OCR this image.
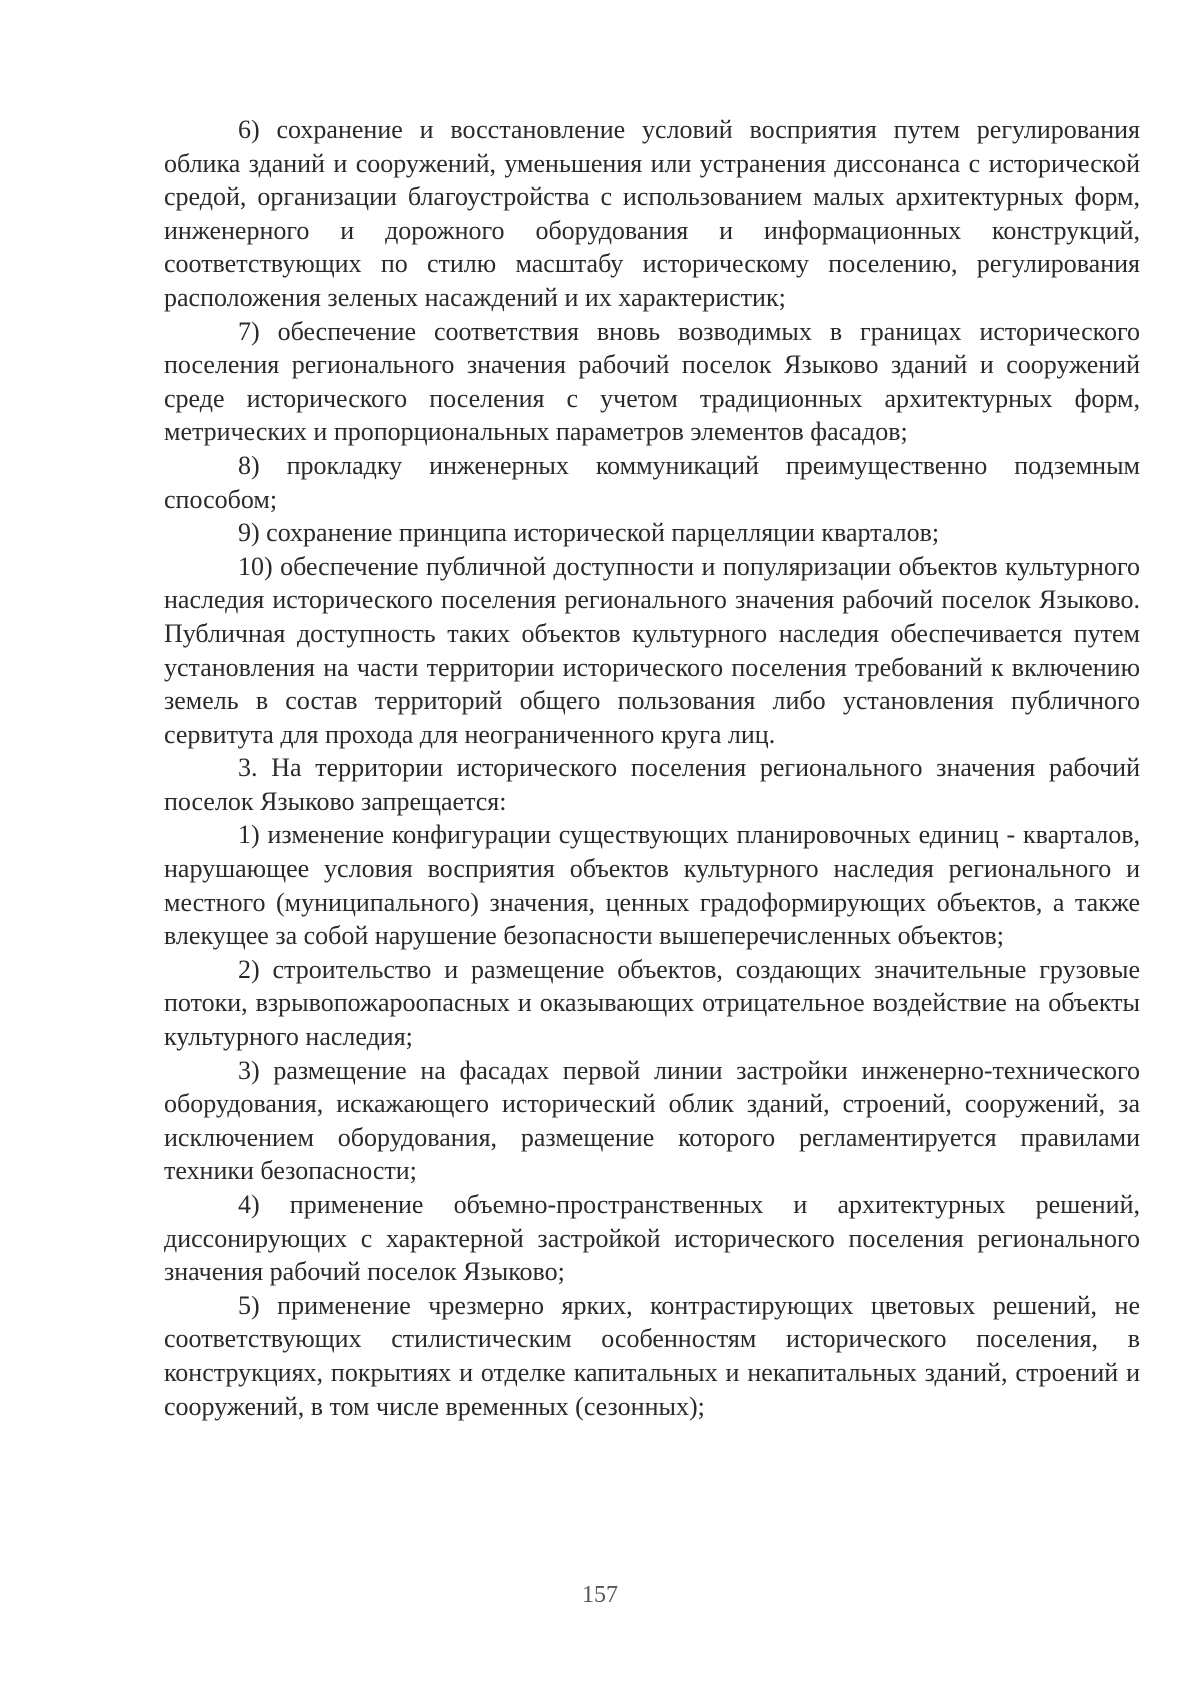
6) сохранение и восстановление условий восприятия путем регулирования облика зданий и сооружений, уменьшения или устранения диссонанса с исторической средой, организации благоустройства с использованием малых архитектурных форм, инженерного и дорожного оборудования и информационных конструкций, соответствующих по стилю масштабу историческому поселению, регулирования расположения зеленых насаждений и их характеристик;

7) обеспечение соответствия вновь возводимых в границах исторического поселения регионального значения рабочий поселок Языково зданий и сооружений среде исторического поселения с учетом традиционных архитектурных форм, метрических и пропорциональных параметров элементов фасадов;

8) прокладку инженерных коммуникаций преимущественно подземным способом;

9) сохранение принципа исторической парцелляции кварталов;

10) обеспечение публичной доступности и популяризации объектов культурного наследия исторического поселения регионального значения рабочий поселок Языково. Публичная доступность таких объектов культурного наследия обеспечивается путем установления на части территории исторического поселения требований к включению земель в состав территорий общего пользования либо установления публичного сервитута для прохода для неограниченного круга лиц.

3. На территории исторического поселения регионального значения рабочий поселок Языково запрещается:

1) изменение конфигурации существующих планировочных единиц - кварталов, нарушающее условия восприятия объектов культурного наследия регионального и местного (муниципального) значения, ценных градоформирующих объектов, а также влекущее за собой нарушение безопасности вышеперечисленных объектов;

2) строительство и размещение объектов, создающих значительные грузовые потоки, взрывопожароопасных и оказывающих отрицательное воздействие на объекты культурного наследия;

3) размещение на фасадах первой линии застройки инженерно-технического оборудования, искажающего исторический облик зданий, строений, сооружений, за исключением оборудования, размещение которого регламентируется правилами техники безопасности;

4) применение объемно-пространственных и архитектурных решений, диссонирующих с характерной застройкой исторического поселения регионального значения рабочий поселок Языково;

5) применение чрезмерно ярких, контрастирующих цветовых решений, не соответствующих стилистическим особенностям исторического поселения, в конструкциях, покрытиях и отделке капитальных и некапитальных зданий, строений и сооружений, в том числе временных (сезонных);

157
